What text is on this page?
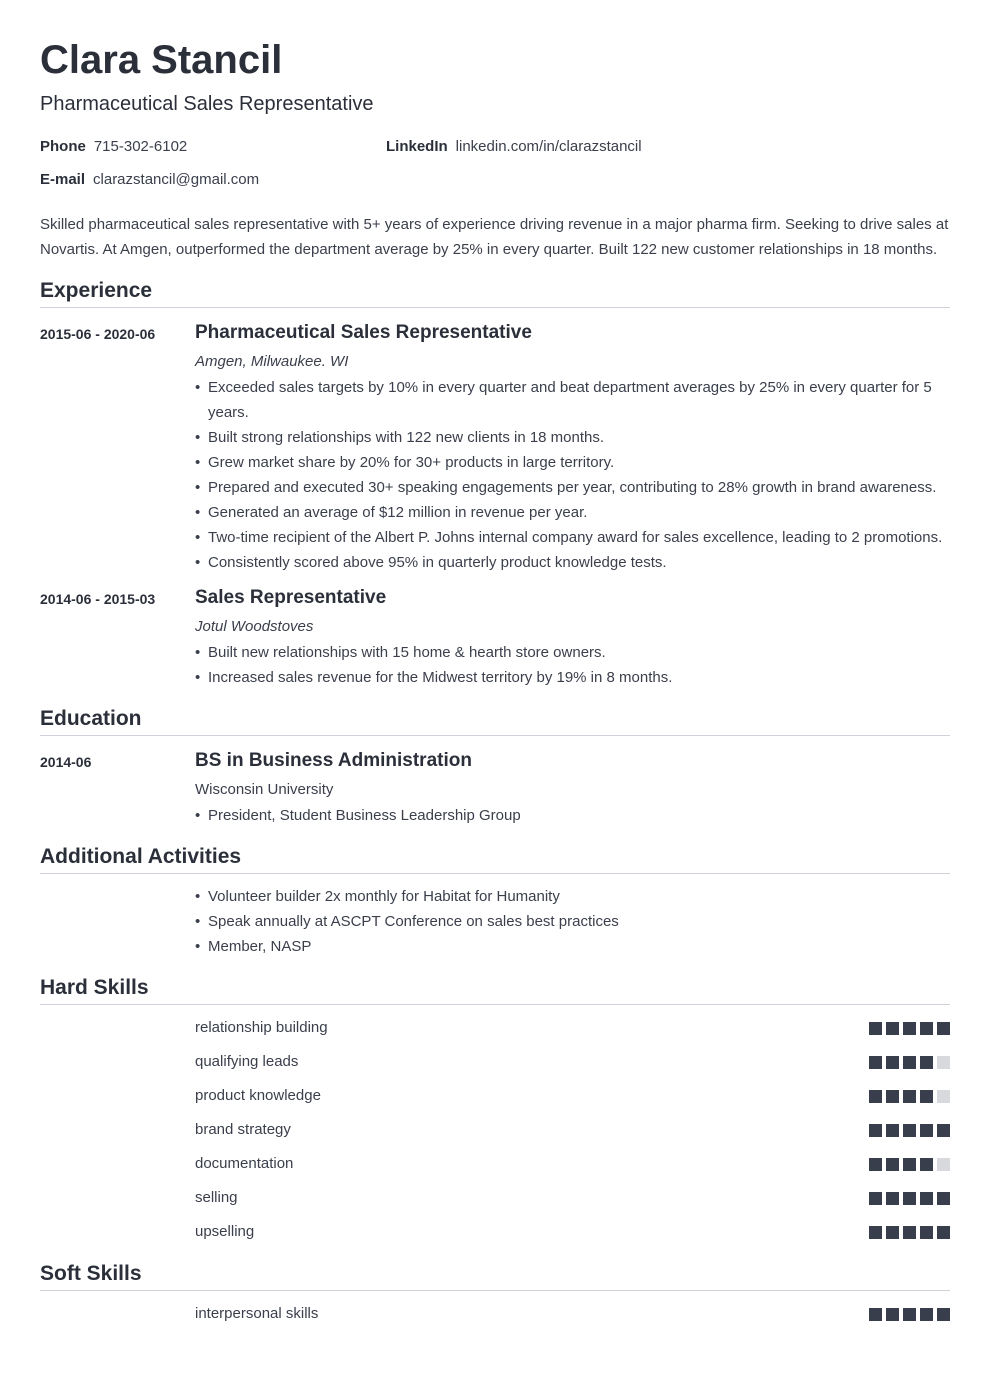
Clara Stancil
Pharmaceutical Sales Representative
Phone 715-302-6102	LinkedIn linkedin.com/in/clarazstancil
E-mail clarazstancil@gmail.com
Skilled pharmaceutical sales representative with 5+ years of experience driving revenue in a major pharma firm. Seeking to drive sales at Novartis. At Amgen, outperformed the department average by 25% in every quarter. Built 122 new customer relationships in 18 months.
Experience
2015-06 - 2020-06 Pharmaceutical Sales Representative
Amgen, Milwaukee. WI
• Exceeded sales targets by 10% in every quarter and beat department averages by 25% in every quarter for 5 years.
• Built strong relationships with 122 new clients in 18 months.
• Grew market share by 20% for 30+ products in large territory.
• Prepared and executed 30+ speaking engagements per year, contributing to 28% growth in brand awareness.
• Generated an average of $12 million in revenue per year.
• Two-time recipient of the Albert P. Johns internal company award for sales excellence, leading to 2 promotions.
• Consistently scored above 95% in quarterly product knowledge tests.
2014-06 - 2015-03 Sales Representative
Jotul Woodstoves
• Built new relationships with 15 home & hearth store owners.
• Increased sales revenue for the Midwest territory by 19% in 8 months.
Education
2014-06	BS in Business Administration
Wisconsin University
• President, Student Business Leadership Group
Additional Activities
• Volunteer builder 2x monthly for Habitat for Humanity
• Speak annually at ASCPT Conference on sales best practices
• Member, NASP
Hard Skills
relationship building
qualifying leads
product knowledge
brand strategy
documentation
selling
upselling
Soft Skills
interpersonal skills
